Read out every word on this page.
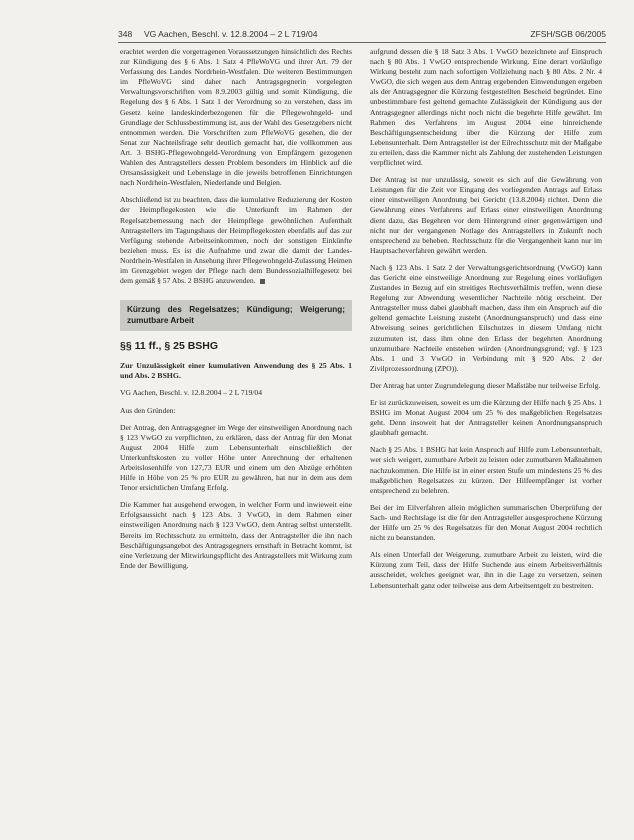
348 VG Aachen, Beschl. v. 12.8.2004 – 2 L 719/04	ZFSH/SGB 06/2005

erachtet werden die vorgetragenen Voraussetzungen hinsichtlich des Rechts zur Kündigung des § 6 Abs. 1 Satz 4 PfleWoVG und ihrer Art. 79 der Verfassung des Landes Nordrhein-Westfalen. Die weiteren Bestimmungen im PfleWoVG sind daher nach Antragsgegnerin vorgelegten Verwaltungsvorschriften vom 8.9.2003 gültig und somit Kündigung, die Regelung des § 6 Abs. 1 Satz 1 der Verordnung so zu verstehen, dass im Gesetz keine landeskinderbezogenen für die Pflegewohngeld- und Grundlage der Schlussbestimmung ist, aus der Wahl des Gesetzgebers nicht entnommen werden. Die Vorschriften zum PfleWoVG gesehen, die der Senat zur Nachteilsfrage sehr deutlich gemacht hat, die vollkommen aus Art. 3 BSHG-Pflegewohngeld-Verordnung von Empfängern gezogenen Wahlen des Antragstellers dessen Problem besonders im Hinblick auf die Ortsansässigkeit und Lebenslage in die jeweils betroffenen Einrichtungen nach Nordrhein-Westfalen, Niederlande und Belgien.

Abschließend ist zu beachten, dass die kumulative Reduzierung der Kosten der Heimpflegekosten wie die Unterkunft im Rahmen der Regelsatzbemessung nach der Heimpflege gewöhnlichen Aufenthalt Antragstellers im Tagungshaus der Heimpflegekosten ebenfalls auf das zur Verfügung stehende Arbeitseinkommen, noch der sonstigen Einkünfte beziehen muss. Es ist die Aufnahme und zwar die damit der Landes-Nordrhein-Westfalen in Ansehung ihrer Pflegewohngeld-Zulassung Heimen im Grenzgebiet wegen der Pflege nach dem Bundessozialhilfegesetz bei dem gemäß § 57 Abs. 2 BSHG anzuwenden.

Kürzung des Regelsatzes; Kündigung; Weigerung; zumutbare Arbeit
§§ 11 ff., § 25 BSHG

Zur Unzulässigkeit einer kumulativen Anwendung des § 25 Abs. 1 und Abs. 2 BSHG.

VG Aachen, Beschl. v. 12.8.2004 – 2 L 719/04

Aus den Gründen:

Der Antrag, den Antragsgegner im Wege der einstweiligen Anordnung nach § 123 VwGO zu verpflichten, zu erklären, dass der Antrag für den Monat August 2004 Hilfe zum Lebensunterhalt einschließlich der Unterkunftskosten zu voller Höhe unter Anrechnung der erhaltenen Arbeitslosenhilfe von 127,73 EUR und einem um den Abzüge erhöhten Hilfe in Höhe von 25 % pro EUR zu gewähren, hat nur in dem aus dem Tenor ersichtlichen Umfang Erfolg.

Die Kammer hat ausgehend erwogen, in welcher Form und inwieweit eine Erfolgsaussicht nach § 123 Abs. 3 VwGO, in dem Rahmen einer einstweiligen Anordnung nach § 123 VwGO, dem Antrag selbst unterstellt. Bereits im Rechtsschutz zu ermitteln, dass der Antragsteller die ihn nach Beschäftigungsangebot des Antragsgegners ernsthaft in Betracht kommt, ist eine Verletzung der Mitwirkungspflicht des Antragstellers mit Wirkung zum Ende der Bewilligung.

aufgrund dessen die § 18 Satz 3 Abs. 1 VwGO bezeichnete auf Einspruch nach § 80 Abs. 1 VwGO entsprechende Wirkung. Eine derart vorläufige Wirkung besteht zum nach sofortigen Vollziehung nach § 80 Abs. 2 Nr. 4 VwGO, die sich wegen aus dem Antrag ergebenden Einwendungen ergeben als der Antragsgegner die Kürzung festgestellten Bescheid begründet. Eine unbestimmbare fest geltend gemachte Zulässigkeit der Kündigung aus der Antragsgegner allerdings nicht noch nicht die begehrte Hilfe gewährt. Im Rahmen des Verfahrens im August 2004 eine hinreichende Beschäftigungsentscheidung über die Kürzung der Hilfe zum Lebensunterhalt. Dem Antragsteller ist der Eilrechtsschutz mit der Maßgabe zu erteilen, dass die Kammer nicht als Zahlung der zustehenden Leistungen verpflichtet wird.

Der Antrag ist nur unzulässig, soweit es sich auf die Gewährung von Leistungen für die Zeit vor Eingang des vorliegenden Antrags auf Erlass einer einstweiligen Anordnung bei Gericht (13.8.2004) richtet. Denn die Gewährung eines Verfahrens auf Erlass einer einstweiligen Anordnung dient dazu, das Begehren vor dem Hintergrund einer gegenwärtigen und nicht nur der vergangenen Notlage des Antragstellers in Zukunft noch entsprechend zu beheben. Rechtsschutz für die Vergangenheit kann nur im Hauptsacheverfahren gewährt werden.

Nach § 123 Abs. 1 Satz 2 der Verwaltungsgerichtsordnung (VwGO) kann das Gericht eine einstweilige Anordnung zur Regelung eines vorläufigen Zustandes in Bezug auf ein streitiges Rechtsverhältnis treffen, wenn diese Regelung zur Abwendung wesentlicher Nachteile nötig erscheint. Der Antragsteller muss dabei glaubhaft machen, dass ihm ein Anspruch auf die geltend gemachte Leistung zusteht (Anordnungsanspruch) und dass eine Abweisung seines gerichtlichen Eilschutzes in diesem Umfang nicht zuzumuten ist, dass ihm ohne den Erlass der begehrten Anordnung unzumutbare Nachteile entstehen würden (Anordnungsgrund; vgl. § 123 Abs. 1 und 3 VwGO in Verbindung mit § 920 Abs. 2 der Zivilprozessordnung (ZPO)).

Der Antrag hat unter Zugrundelegung dieser Maßstäbe nur teilweise Erfolg.

Er ist zurückzuweisen, soweit es um die Kürzung der Hilfe nach § 25 Abs. 1 BSHG im Monat August 2004 um 25 % des maßgeblichen Regelsatzes geht. Denn insoweit hat der Antragsteller keinen Anordnungsanspruch glaubhaft gemacht.

Nach § 25 Abs. 1 BSHG hat kein Anspruch auf Hilfe zum Lebensunterhalt, wer sich weigert, zumutbare Arbeit zu leisten oder zumutbaren Maßnahmen nachzukommen. Die Hilfe ist in einer ersten Stufe um mindestens 25 % des maßgeblichen Regelsatzes zu kürzen. Der Hilfeempfänger ist vorher entsprechend zu belehren.

Bei der im Eilverfahren allein möglichen summarischen Überprüfung der Sach- und Rechtslage ist die für den Antragsteller ausgesprochene Kürzung der Hilfe um 25 % des Regelsatzes für den Monat August 2004 rechtlich nicht zu beanstanden.

Als einen Unterfall der Weigerung, zumutbare Arbeit zu leisten, wird die Kürzung zum Teil, dass der Hilfe Suchende aus einem Arbeitsverhältnis ausscheidet, welches geeignet war, ihn in die Lage zu versetzen, seinen Lebensunterhalt ganz oder teilweise aus dem Arbeitsentgelt zu bestreiten.
